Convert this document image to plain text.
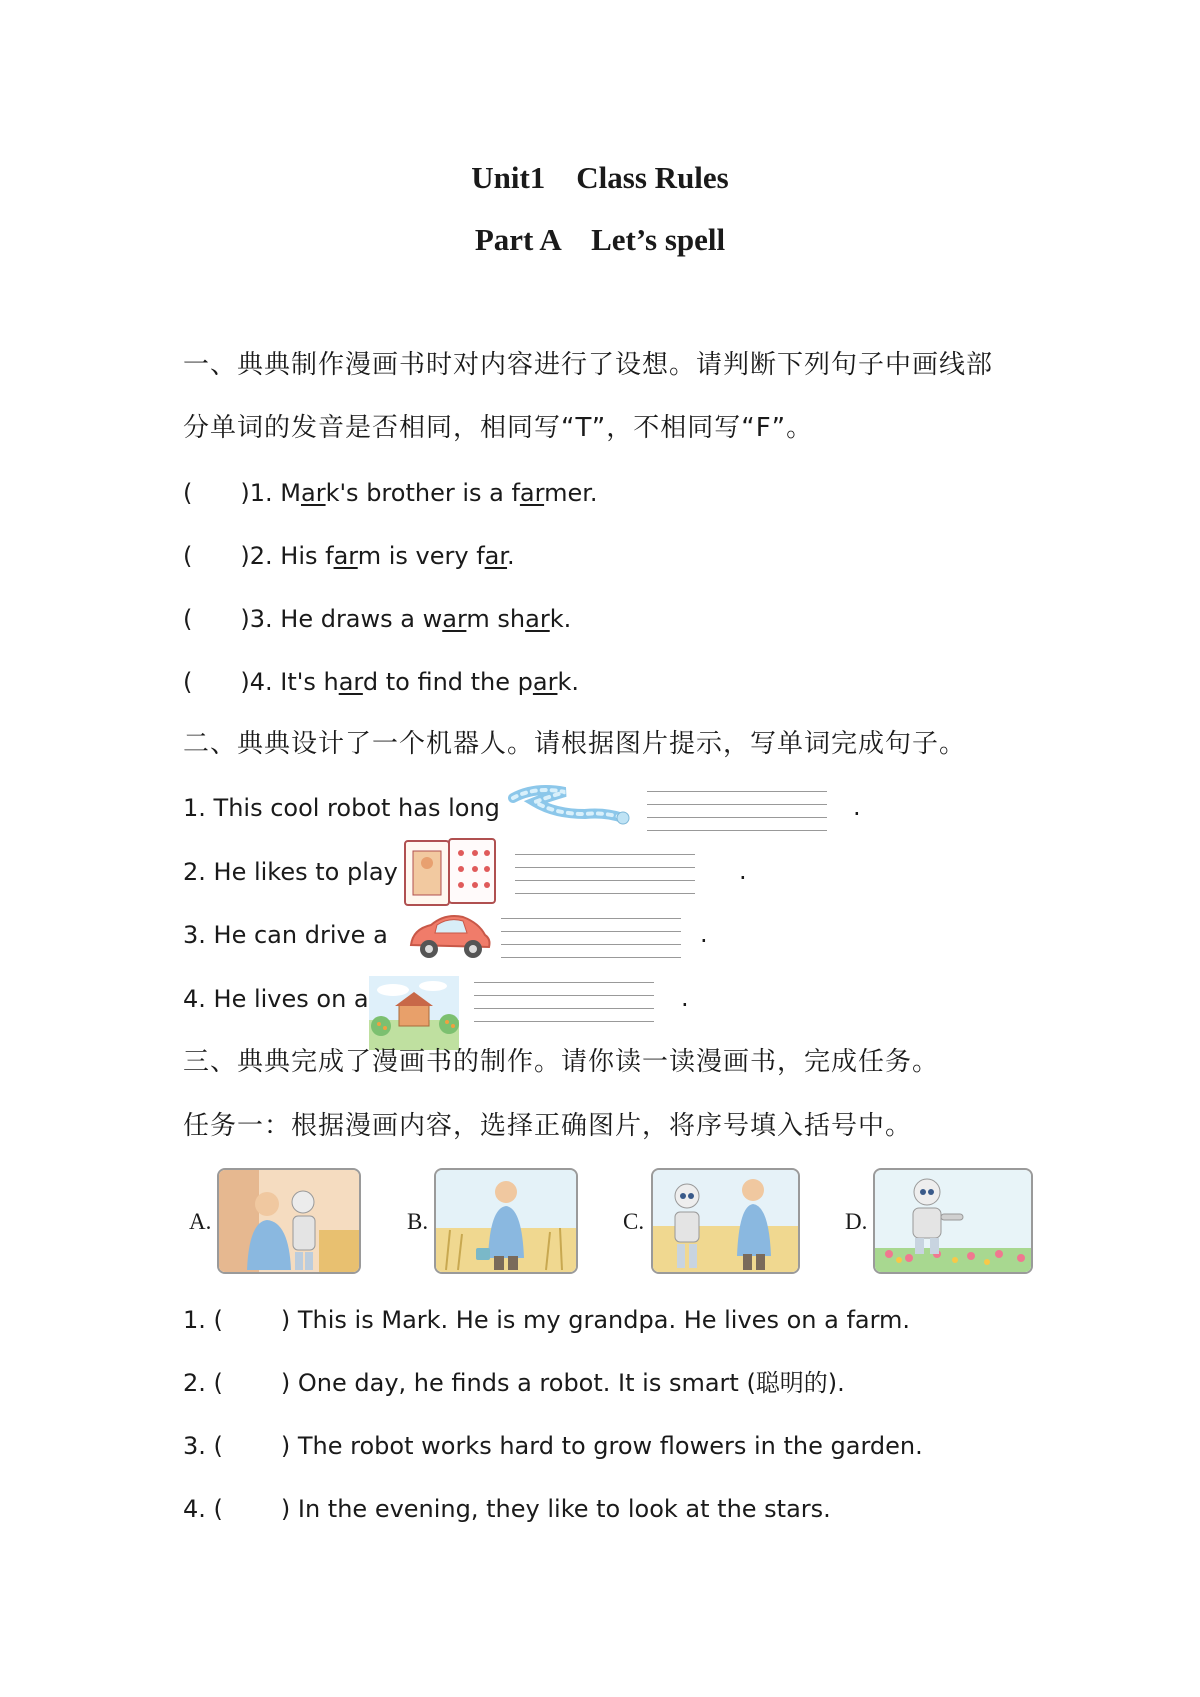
Unit1    Class Rules
Part A    Let’s spell
一、典典制作漫画书时对内容进行了设想。请判断下列句子中画线部
分单词的发音是否相同，相同写“T”，不相同写“F”。
( )1. Mark's brother is a farmer.
( )2. His farm is very far.
( )3. He draws a warm shark.
( )4. It's hard to find the park.
二、典典设计了一个机器人。请根据图片提示，写单词完成句子。
1. This cool robot has long	.
2. He likes to play	.
3. He can drive a	.
4. He lives on a	.
三、典典完成了漫画书的制作。请你读一读漫画书，完成任务。
任务一：根据漫画内容，选择正确图片，将序号填入括号中。
A.	B.	C.	D.
1. ( ) This is Mark. He is my grandpa. He lives on a farm.
2. ( ) One day, he finds a robot. It is smart (聪明的).
3. ( ) The robot works hard to grow flowers in the garden.
4. ( ) In the evening, they like to look at the stars.
